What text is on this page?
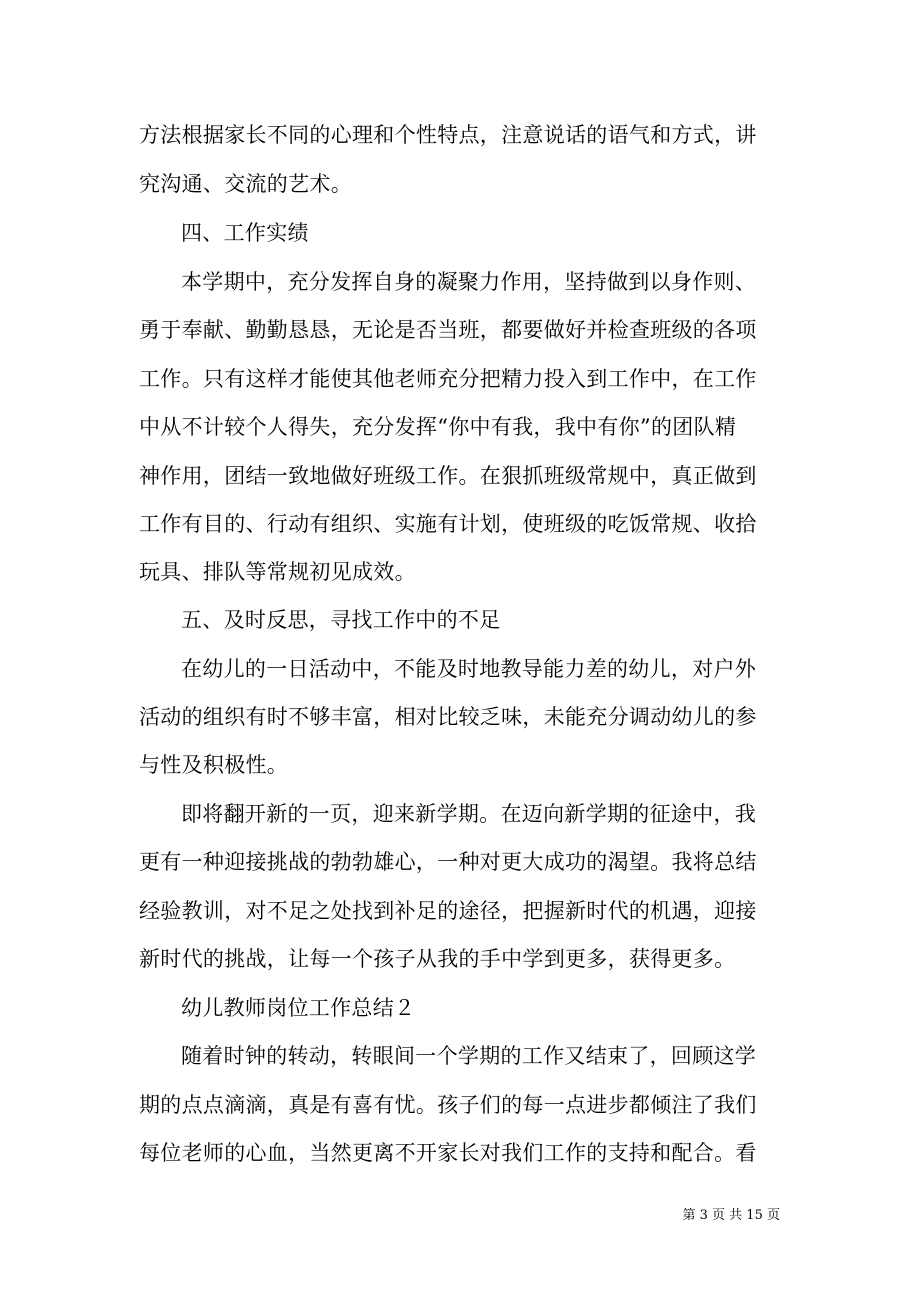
方法根据家长不同的心理和个性特点，注意说话的语气和方式，讲
究沟通、交流的艺术。
四、工作实绩
本学期中，充分发挥自身的凝聚力作用，坚持做到以身作则、
勇于奉献、勤勤恳恳，无论是否当班，都要做好并检查班级的各项
工作。只有这样才能使其他老师充分把精力投入到工作中，在工作
中从不计较个人得失，充分发挥“你中有我，我中有你”的团队精
神作用，团结一致地做好班级工作。在狠抓班级常规中，真正做到
工作有目的、行动有组织、实施有计划，使班级的吃饭常规、收拾
玩具、排队等常规初见成效。
五、及时反思，寻找工作中的不足
在幼儿的一日活动中，不能及时地教导能力差的幼儿，对户外
活动的组织有时不够丰富，相对比较乏味，未能充分调动幼儿的参
与性及积极性。
即将翻开新的一页，迎来新学期。在迈向新学期的征途中，我
更有一种迎接挑战的勃勃雄心，一种对更大成功的渴望。我将总结
经验教训，对不足之处找到补足的途径，把握新时代的机遇，迎接
新时代的挑战，让每一个孩子从我的手中学到更多，获得更多。
幼儿教师岗位工作总结２
随着时钟的转动，转眼间一个学期的工作又结束了，回顾这学
期的点点滴滴，真是有喜有忧。孩子们的每一点进步都倾注了我们
每位老师的心血，当然更离不开家长对我们工作的支持和配合。看
第 3 页 共 15 页
